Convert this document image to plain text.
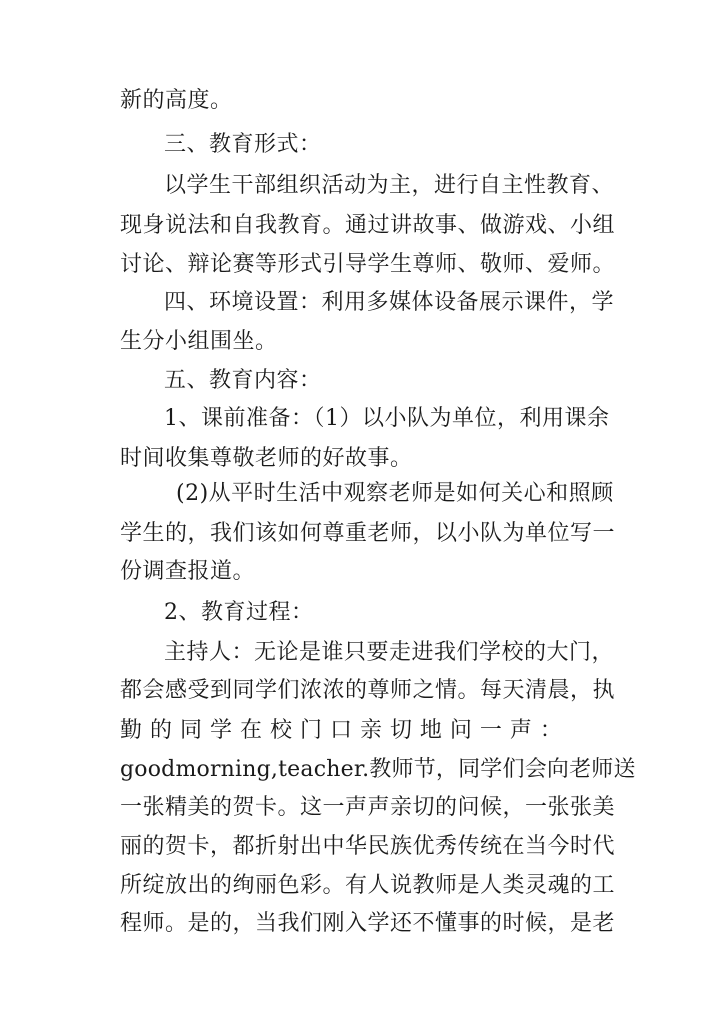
新的高度。
三、教育形式：
以学生干部组织活动为主，进行自主性教育、
现身说法和自我教育。通过讲故事、做游戏、小组
讨论、辩论赛等形式引导学生尊师、敬师、爱师。
四、环境设置：利用多媒体设备展示课件，学
生分小组围坐。
五、教育内容：
1、课前准备：（1）以小队为单位，利用课余
时间收集尊敬老师的好故事。
(2)从平时生活中观察老师是如何关心和照顾
学生的，我们该如何尊重老师，以小队为单位写一
份调查报道。
2、教育过程：
主持人：无论是谁只要走进我们学校的大门，
都会感受到同学们浓浓的尊师之情。每天清晨，执
勤 的 同 学 在 校 门 口 亲 切 地 问 一 声 ：
goodmorning,teacher.教师节，同学们会向老师送
一张精美的贺卡。这一声声亲切的问候，一张张美
丽的贺卡，都折射出中华民族优秀传统在当今时代
所绽放出的绚丽色彩。有人说教师是人类灵魂的工
程师。是的，当我们刚入学还不懂事的时候，是老
